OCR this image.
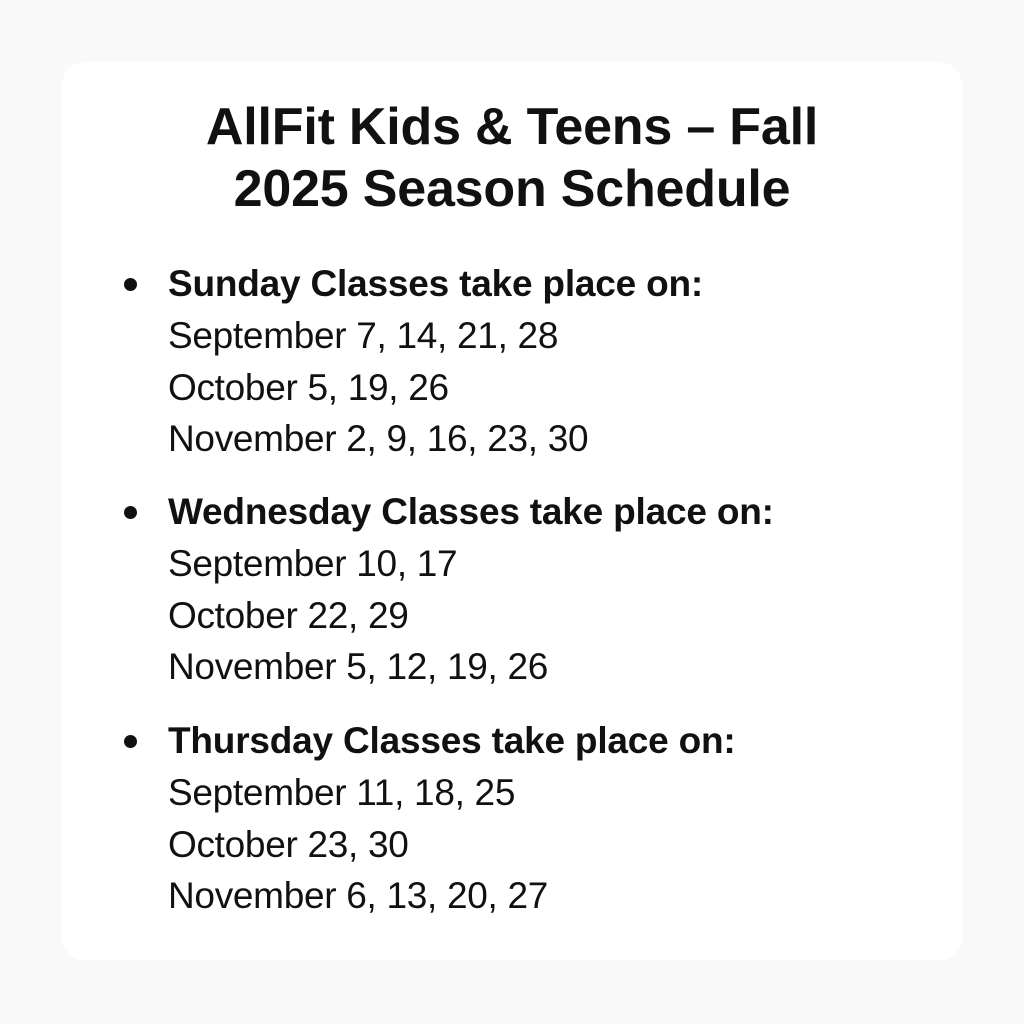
AllFit Kids & Teens – Fall
2025 Season Schedule
Sunday Classes take place on:
September 7, 14, 21, 28
October 5, 19, 26
November 2, 9, 16, 23, 30
Wednesday Classes take place on:
September 10, 17
October 22, 29
November 5, 12, 19, 26
Thursday Classes take place on:
September 11, 18, 25
October 23, 30
November 6, 13, 20, 27
